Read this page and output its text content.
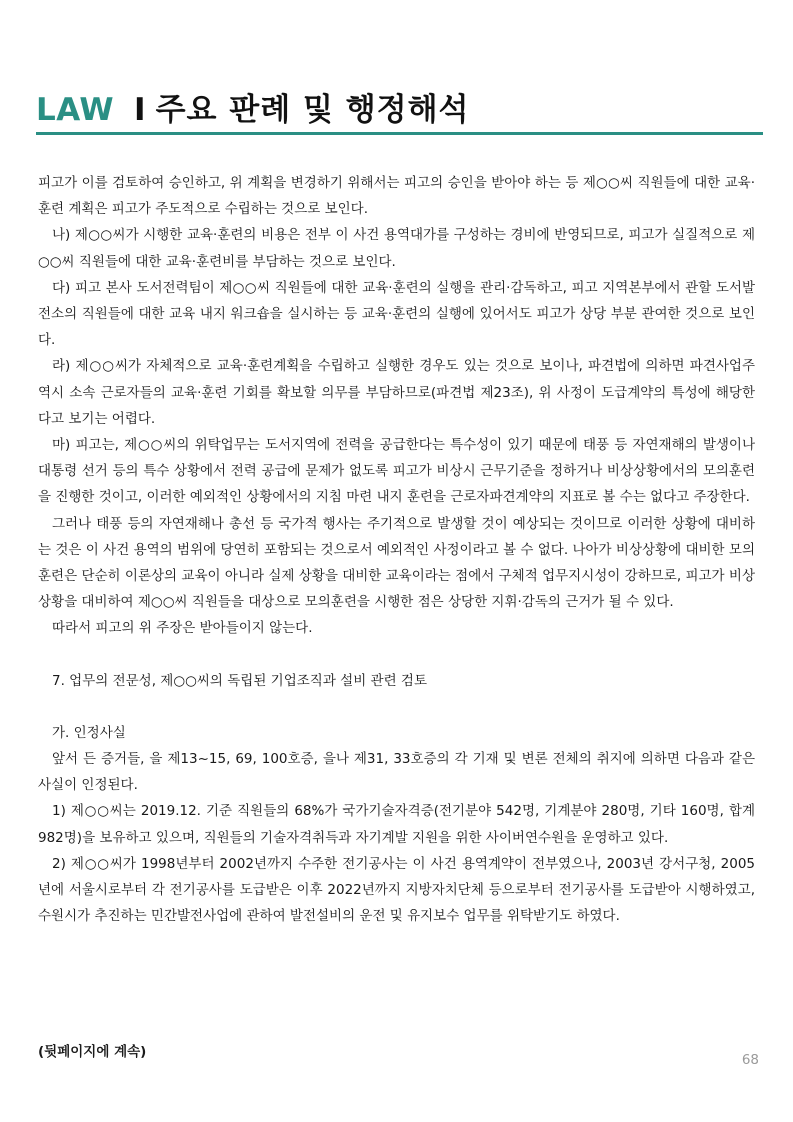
LAW I 주요 판례 및 행정해석

피고가 이를 검토하여 승인하고, 위 계획을 변경하기 위해서는 피고의 승인을 받아야 하는 등 제○○씨 직원들에 대한 교육·훈련 계획은 피고가 주도적으로 수립하는 것으로 보인다.

나) 제○○씨가 시행한 교육·훈련의 비용은 전부 이 사건 용역대가를 구성하는 경비에 반영되므로, 피고가 실질적으로 제○○씨 직원들에 대한 교육·훈련비를 부담하는 것으로 보인다.

다) 피고 본사 도서전력팀이 제○○씨 직원들에 대한 교육·훈련의 실행을 관리·감독하고, 피고 지역본부에서 관할 도서발전소의 직원들에 대한 교육 내지 워크숍을 실시하는 등 교육·훈련의 실행에 있어서도 피고가 상당 부분 관여한 것으로 보인다.

라) 제○○씨가 자체적으로 교육·훈련계획을 수립하고 실행한 경우도 있는 것으로 보이나, 파견법에 의하면 파견사업주 역시 소속 근로자들의 교육·훈련 기회를 확보할 의무를 부담하므로(파견법 제23조), 위 사정이 도급계약의 특성에 해당한다고 보기는 어렵다.

마) 피고는, 제○○씨의 위탁업무는 도서지역에 전력을 공급한다는 특수성이 있기 때문에 태풍 등 자연재해의 발생이나 대통령 선거 등의 특수 상황에서 전력 공급에 문제가 없도록 피고가 비상시 근무기준을 정하거나 비상상황에서의 모의훈련을 진행한 것이고, 이러한 예외적인 상황에서의 지침 마련 내지 훈련을 근로자파견계약의 지표로 볼 수는 없다고 주장한다.

그러나 태풍 등의 자연재해나 총선 등 국가적 행사는 주기적으로 발생할 것이 예상되는 것이므로 이러한 상황에 대비하는 것은 이 사건 용역의 범위에 당연히 포함되는 것으로서 예외적인 사정이라고 볼 수 없다. 나아가 비상상황에 대비한 모의훈련은 단순히 이론상의 교육이 아니라 실제 상황을 대비한 교육이라는 점에서 구체적 업무지시성이 강하므로, 피고가 비상상황을 대비하여 제○○씨 직원들을 대상으로 모의훈련을 시행한 점은 상당한 지휘·감독의 근거가 될 수 있다.

따라서 피고의 위 주장은 받아들이지 않는다.

7. 업무의 전문성, 제○○씨의 독립된 기업조직과 설비 관련 검토

가. 인정사실

앞서 든 증거들, 을 제13~15, 69, 100호증, 을나 제31, 33호증의 각 기재 및 변론 전체의 취지에 의하면 다음과 같은 사실이 인정된다.

1) 제○○씨는 2019.12. 기준 직원들의 68%가 국가기술자격증(전기분야 542명, 기계분야 280명, 기타 160명, 합계 982명)을 보유하고 있으며, 직원들의 기술자격취득과 자기계발 지원을 위한 사이버연수원을 운영하고 있다.

2) 제○○씨가 1998년부터 2002년까지 수주한 전기공사는 이 사건 용역계약이 전부였으나, 2003년 강서구청, 2005년에 서울시로부터 각 전기공사를 도급받은 이후 2022년까지 지방자치단체 등으로부터 전기공사를 도급받아 시행하였고, 수원시가 추진하는 민간발전사업에 관하여 발전설비의 운전 및 유지보수 업무를 위탁받기도 하였다.

(뒷페이지에 계속)	68
